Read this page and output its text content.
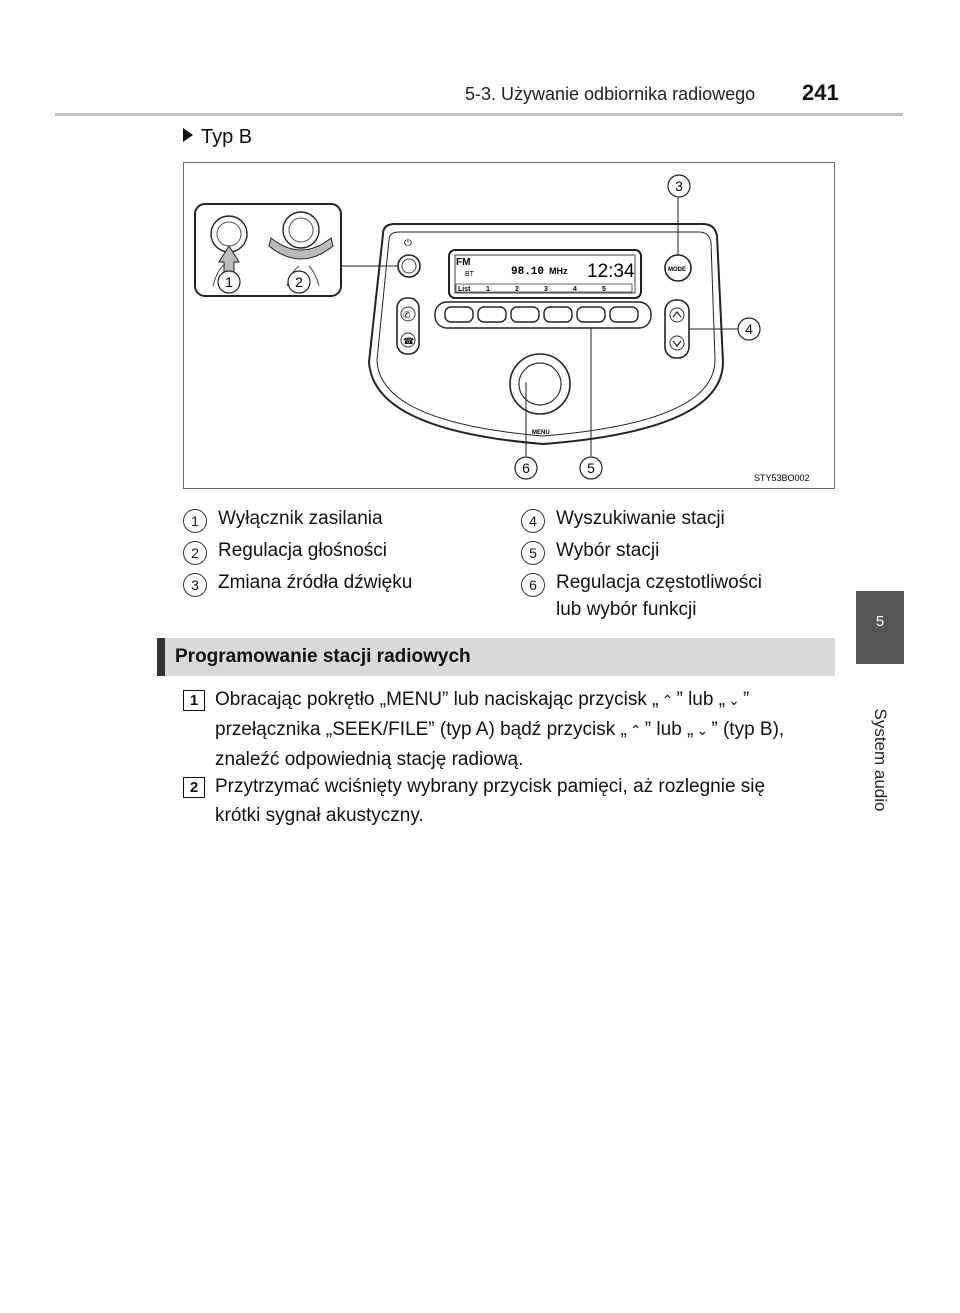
5-3. Używanie odbiornika radiowego 241
5
System audio
Typ B
FM
BT	98.10 MHz 12:34
List 1	2	3	4	5
⏻
✆
☎
MODE
MENU
1	2
3
4
5
6
STY53BO002
1	Wyłącznik zasilania
2	Regulacja głośności
3	Zmiana źródła dźwięku
4	Wyszukiwanie stacji
5	Wybór stacji
6	Regulacja częstotliwości
lub wybór funkcji
Programowanie stacji radiowych
1 Obracając pokrętło „MENU” lub naciskając przycisk „ ⌃ ” lub „ ⌄ ”
przełącznika „SEEK/FILE” (typ A) bądź przycisk „ ⌃ ” lub „ ⌄ ” (typ B),
znaleźć odpowiednią stację radiową.
2 Przytrzymać wciśnięty wybrany przycisk pamięci, aż rozlegnie się
krótki sygnał akustyczny.
